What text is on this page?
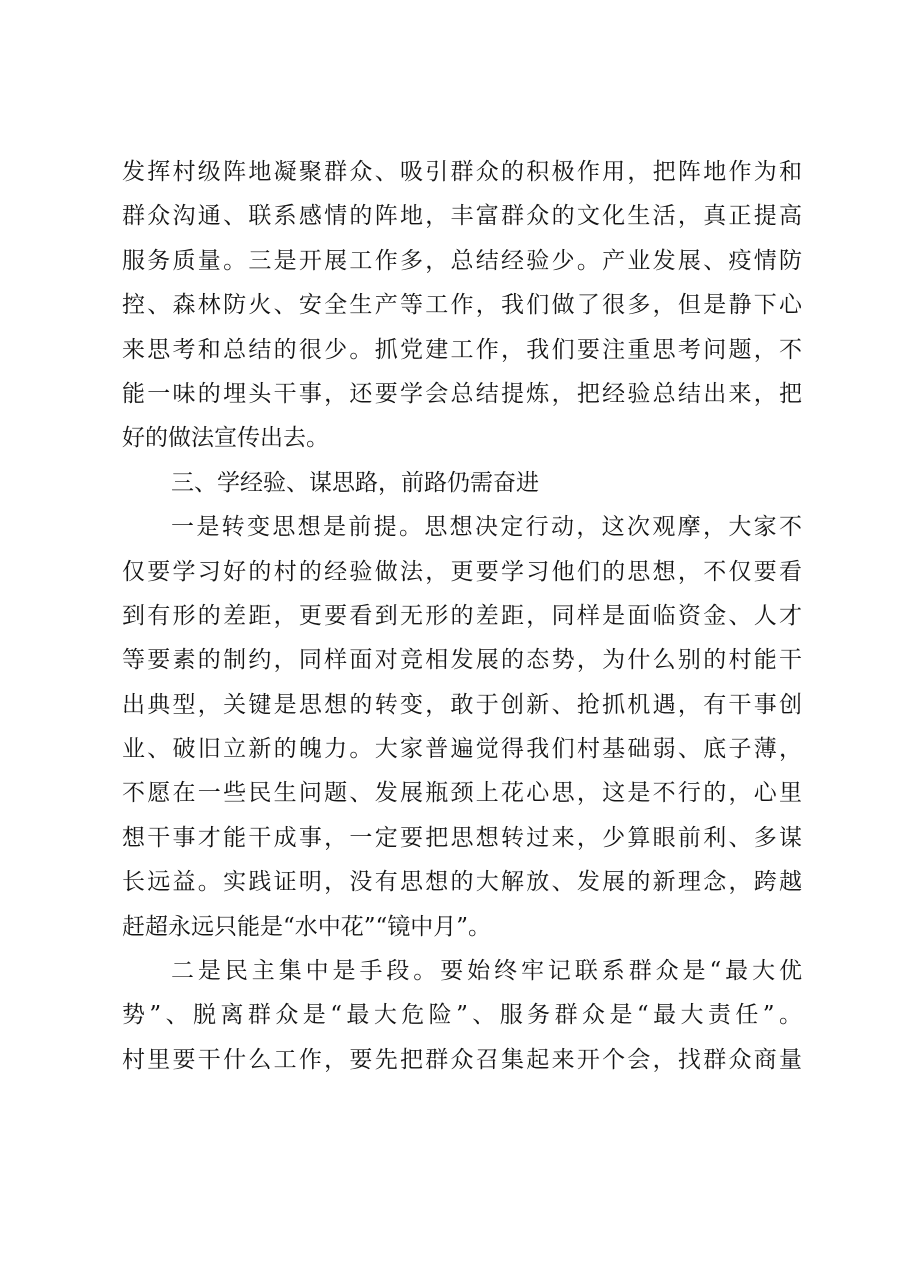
发挥村级阵地凝聚群众、吸引群众的积极作用，把阵地作为和
群众沟通、联系感情的阵地，丰富群众的文化生活，真正提高
服务质量。三是开展工作多，总结经验少。产业发展、疫情防
控、森林防火、安全生产等工作，我们做了很多，但是静下心
来思考和总结的很少。抓党建工作，我们要注重思考问题，不
能一味的埋头干事，还要学会总结提炼，把经验总结出来，把
好的做法宣传出去。
三、学经验、谋思路，前路仍需奋进
一是转变思想是前提。思想决定行动，这次观摩，大家不
仅要学习好的村的经验做法，更要学习他们的思想，不仅要看
到有形的差距，更要看到无形的差距，同样是面临资金、人才
等要素的制约，同样面对竞相发展的态势，为什么别的村能干
出典型，关键是思想的转变，敢于创新、抢抓机遇，有干事创
业、破旧立新的魄力。大家普遍觉得我们村基础弱、底子薄，
不愿在一些民生问题、发展瓶颈上花心思，这是不行的，心里
想干事才能干成事，一定要把思想转过来，少算眼前利、多谋
长远益。实践证明，没有思想的大解放、发展的新理念，跨越
赶超永远只能是“水中花”“镜中月”。
二是民主集中是手段。要始终牢记联系群众是“最大优
势”、脱离群众是“最大危险”、服务群众是“最大责任”。
村里要干什么工作，要先把群众召集起来开个会，找群众商量
